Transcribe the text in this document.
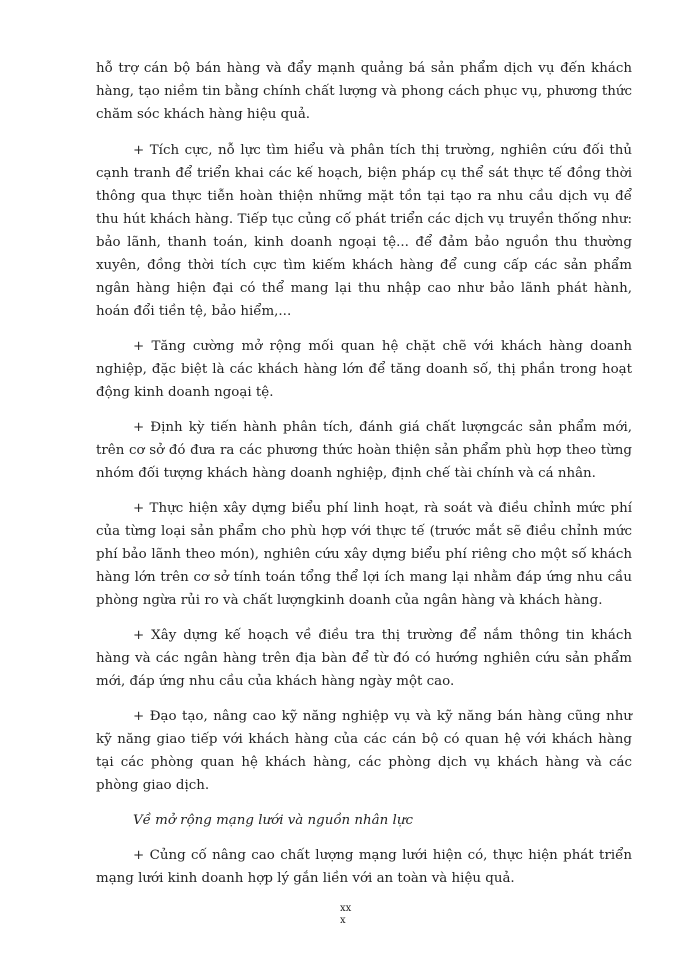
hỗ trợ cán bộ bán hàng và đẩy mạnh quảng bá sản phẩm dịch vụ đến khách hàng, tạo niềm tin bằng chính chất lượng và phong cách phục vụ, phương thức chăm sóc khách hàng hiệu quả.

+ Tích cực, nỗ lực tìm hiểu và phân tích thị trường, nghiên cứu đối thủ cạnh tranh để triển khai các kế hoạch, biện pháp cụ thể sát thực tế đồng thời thông qua thực tiễn hoàn thiện những mặt tồn tại tạo ra nhu cầu dịch vụ để thu hút khách hàng. Tiếp tục củng cố phát triển các dịch vụ truyền thống như: bảo lãnh, thanh toán, kinh doanh ngoại tệ... để đảm bảo nguồn thu thường xuyên, đồng thời tích cực tìm kiếm khách hàng để cung cấp các sản phẩm ngân hàng hiện đại có thể mang lại thu nhập cao như bảo lãnh phát hành, hoán đổi tiền tệ, bảo hiểm,...

+ Tăng cường mở rộng mối quan hệ chặt chẽ với khách hàng doanh nghiệp, đặc biệt là các khách hàng lớn để tăng doanh số, thị phần trong hoạt động kinh doanh ngoại tệ.

+ Định kỳ tiến hành phân tích, đánh giá chất lượngcác sản phẩm mới, trên cơ sở đó đưa ra các phương thức hoàn thiện sản phẩm phù hợp theo từng nhóm đối tượng khách hàng doanh nghiệp, định chế tài chính và cá nhân.

+ Thực hiện xây dựng biểu phí linh hoạt, rà soát và điều chỉnh mức phí của từng loại sản phẩm cho phù hợp với thực tế (trước mắt sẽ điều chỉnh mức phí bảo lãnh theo món), nghiên cứu xây dựng biểu phí riêng cho một số khách hàng lớn trên cơ sở tính toán tổng thể lợi ích mang lại nhằm đáp ứng nhu cầu phòng ngừa rủi ro và chất lượngkinh doanh của ngân hàng và khách hàng.

+ Xây dựng kế hoạch về điều tra thị trường để nắm thông tin khách hàng và các ngân hàng trên địa bàn để từ đó có hướng nghiên cứu sản phẩm mới, đáp ứng nhu cầu của khách hàng ngày một cao.

+ Đạo tạo, nâng cao kỹ năng nghiệp vụ và kỹ năng bán hàng cũng như kỹ năng giao tiếp với khách hàng của các cán bộ có quan hệ với khách hàng tại các phòng quan hệ khách hàng, các phòng dịch vụ khách hàng và các phòng giao dịch.

Về mở rộng mạng lưới và nguồn nhân lực

+ Củng cố nâng cao chất lượng mạng lưới hiện có, thực hiện phát triển mạng lưới kinh doanh hợp lý gắn liền với an toàn và hiệu quả.

xx
x
